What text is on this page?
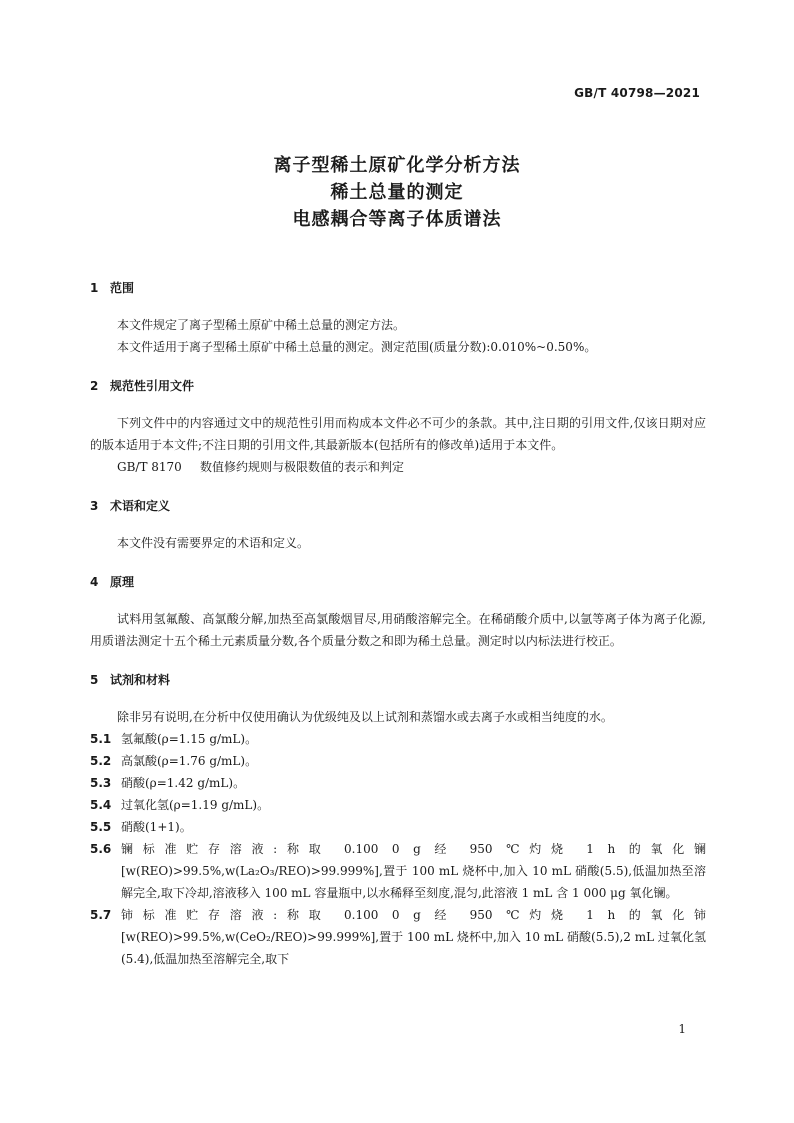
GB/T 40798—2021
离子型稀土原矿化学分析方法
稀土总量的测定
电感耦合等离子体质谱法
1 范围
本文件规定了离子型稀土原矿中稀土总量的测定方法。
本文件适用于离子型稀土原矿中稀土总量的测定。测定范围(质量分数):0.010%~0.50%。
2 规范性引用文件
下列文件中的内容通过文中的规范性引用而构成本文件必不可少的条款。其中,注日期的引用文件,仅该日期对应的版本适用于本文件;不注日期的引用文件,其最新版本(包括所有的修改单)适用于本文件。
GB/T 8170 数值修约规则与极限数值的表示和判定
3 术语和定义
本文件没有需要界定的术语和定义。
4 原理
试料用氢氟酸、高氯酸分解,加热至高氯酸烟冒尽,用硝酸溶解完全。在稀硝酸介质中,以氩等离子体为离子化源,用质谱法测定十五个稀土元素质量分数,各个质量分数之和即为稀土总量。测定时以内标法进行校正。
5 试剂和材料
除非另有说明,在分析中仅使用确认为优级纯及以上试剂和蒸馏水或去离子水或相当纯度的水。
5.1 氢氟酸(ρ=1.15 g/mL)。
5.2 高氯酸(ρ=1.76 g/mL)。
5.3 硝酸(ρ=1.42 g/mL)。
5.4 过氧化氢(ρ=1.19 g/mL)。
5.5 硝酸(1+1)。
5.6 镧标准贮存溶液:称取 0.100 0 g 经 950 ℃灼烧 1 h 的氧化镧[w(REO)>99.5%,w(La₂O₃/REO)>99.999%],置于 100 mL 烧杯中,加入 10 mL 硝酸(5.5),低温加热至溶解完全,取下冷却,溶液移入 100 mL 容量瓶中,以水稀释至刻度,混匀,此溶液 1 mL 含 1 000 μg 氧化镧。
5.7 铈标准贮存溶液:称取 0.100 0 g 经 950 ℃灼烧 1 h 的氧化铈[w(REO)>99.5%,w(CeO₂/REO)>99.999%],置于 100 mL 烧杯中,加入 10 mL 硝酸(5.5),2 mL 过氧化氢(5.4),低温加热至溶解完全,取下
1
